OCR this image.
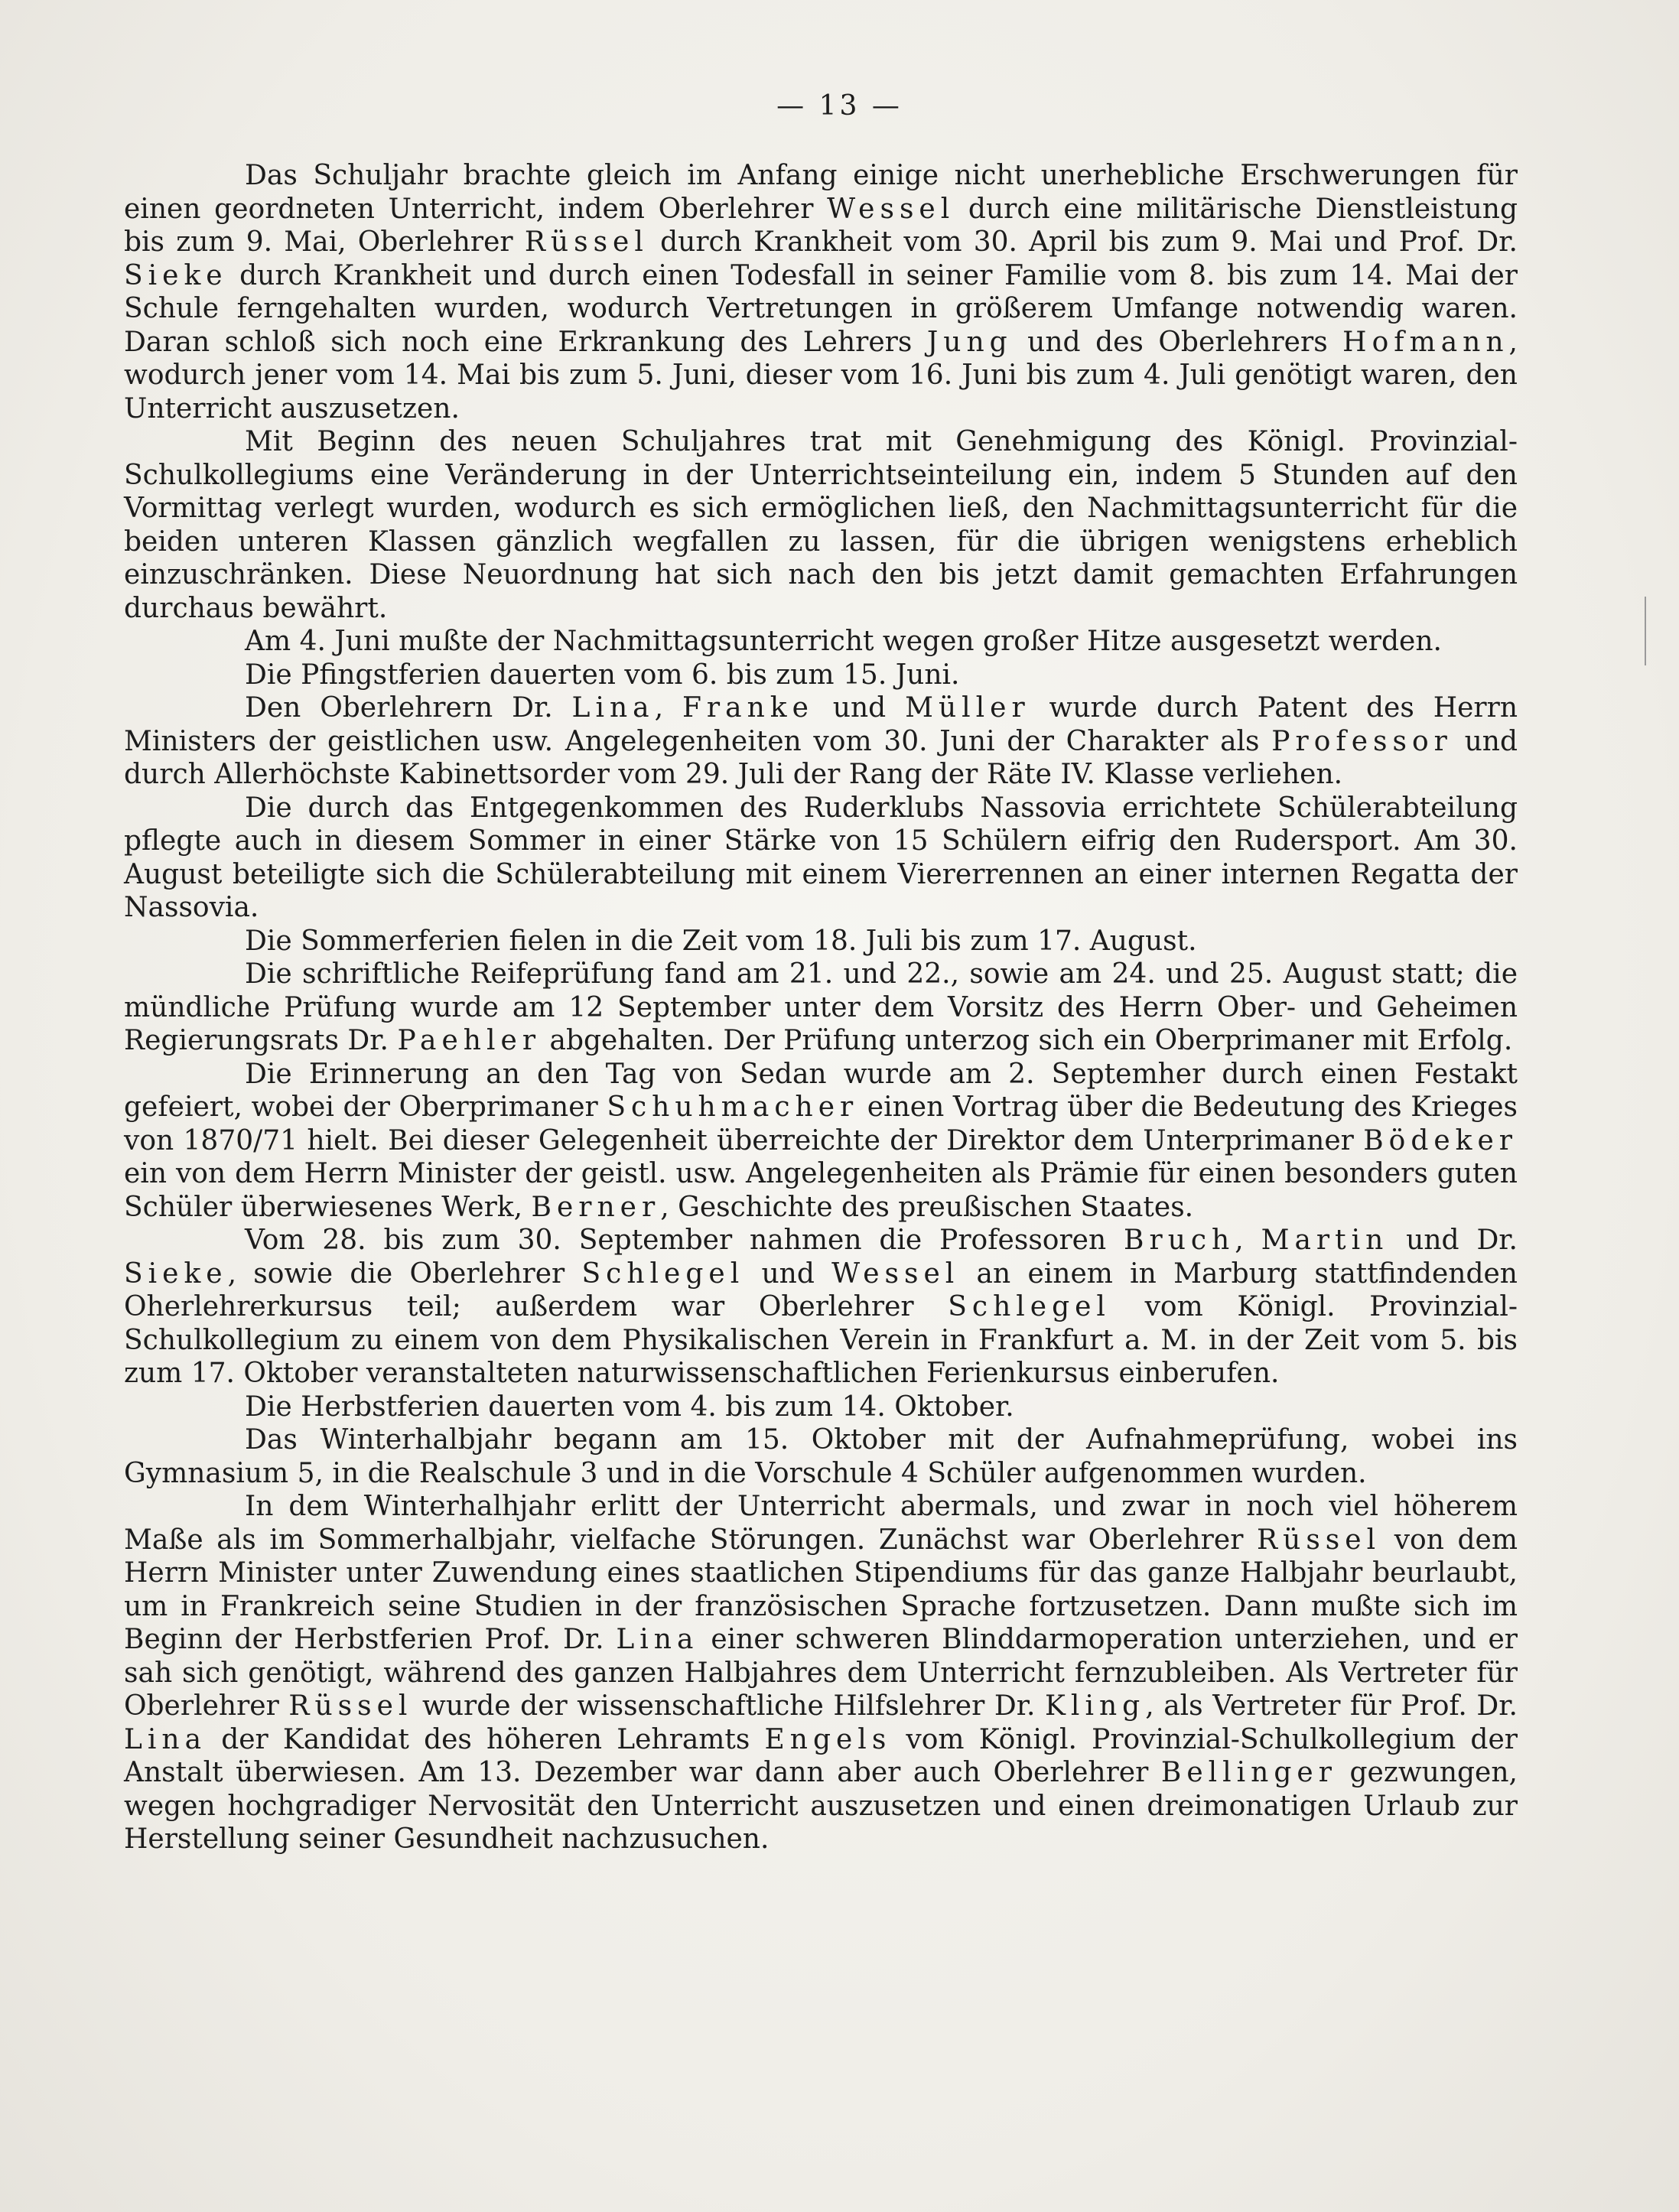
— 13 —

Das Schuljahr brachte gleich im Anfang einige nicht unerhebliche Erschwerungen für einen geordneten Unterricht, indem Oberlehrer Wessel durch eine militärische Dienstleistung bis zum 9. Mai, Oberlehrer Rüssel durch Krankheit vom 30. April bis zum 9. Mai und Prof. Dr. Sieke durch Krankheit und durch einen Todesfall in seiner Familie vom 8. bis zum 14. Mai der Schule ferngehalten wurden, wodurch Vertretungen in größerem Umfange notwendig waren. Daran schloß sich noch eine Erkrankung des Lehrers Jung und des Oberlehrers Hofmann, wodurch jener vom 14. Mai bis zum 5. Juni, dieser vom 16. Juni bis zum 4. Juli genötigt waren, den Unterricht auszusetzen.

Mit Beginn des neuen Schuljahres trat mit Genehmigung des Königl. Provinzial-Schulkollegiums eine Veränderung in der Unterrichtseinteilung ein, indem 5 Stunden auf den Vormittag verlegt wurden, wodurch es sich ermöglichen ließ, den Nachmittagsunterricht für die beiden unteren Klassen gänzlich wegfallen zu lassen, für die übrigen wenigstens erheblich einzuschränken. Diese Neuordnung hat sich nach den bis jetzt damit gemachten Erfahrungen durchaus bewährt.

Am 4. Juni mußte der Nachmittagsunterricht wegen großer Hitze ausgesetzt werden.

Die Pfingstferien dauerten vom 6. bis zum 15. Juni.

Den Oberlehrern Dr. Lina, Franke und Müller wurde durch Patent des Herrn Ministers der geistlichen usw. Angelegenheiten vom 30. Juni der Charakter als Professor und durch Allerhöchste Kabinettsorder vom 29. Juli der Rang der Räte IV. Klasse verliehen.

Die durch das Entgegenkommen des Ruderklubs Nassovia errichtete Schülerabteilung pflegte auch in diesem Sommer in einer Stärke von 15 Schülern eifrig den Rudersport. Am 30. August beteiligte sich die Schülerabteilung mit einem Viererrennen an einer internen Regatta der Nassovia.

Die Sommerferien fielen in die Zeit vom 18. Juli bis zum 17. August.

Die schriftliche Reifeprüfung fand am 21. und 22., sowie am 24. und 25. August statt; die mündliche Prüfung wurde am 12 September unter dem Vorsitz des Herrn Ober- und Geheimen Regierungsrats Dr. Paehler abgehalten. Der Prüfung unterzog sich ein Oberprimaner mit Erfolg.

Die Erinnerung an den Tag von Sedan wurde am 2. Septemher durch einen Festakt gefeiert, wobei der Oberprimaner Schuhmacher einen Vortrag über die Bedeutung des Krieges von 1870/71 hielt. Bei dieser Gelegenheit überreichte der Direktor dem Unterprimaner Bödeker ein von dem Herrn Minister der geistl. usw. Angelegenheiten als Prämie für einen besonders guten Schüler überwiesenes Werk, Berner, Geschichte des preußischen Staates.

Vom 28. bis zum 30. September nahmen die Professoren Bruch, Martin und Dr. Sieke, sowie die Oberlehrer Schlegel und Wessel an einem in Marburg stattfindenden Oherlehrerkursus teil; außerdem war Oberlehrer Schlegel vom Königl. Provinzial-Schulkollegium zu einem von dem Physikalischen Verein in Frankfurt a. M. in der Zeit vom 5. bis zum 17. Oktober veranstalteten naturwissenschaftlichen Ferienkursus einberufen.

Die Herbstferien dauerten vom 4. bis zum 14. Oktober.

Das Winterhalbjahr begann am 15. Oktober mit der Aufnahmeprüfung, wobei ins Gymnasium 5, in die Realschule 3 und in die Vorschule 4 Schüler aufgenommen wurden.

In dem Winterhalhjahr erlitt der Unterricht abermals, und zwar in noch viel höherem Maße als im Sommerhalbjahr, vielfache Störungen. Zunächst war Oberlehrer Rüssel von dem Herrn Minister unter Zuwendung eines staatlichen Stipendiums für das ganze Halbjahr beurlaubt, um in Frankreich seine Studien in der französischen Sprache fortzusetzen. Dann mußte sich im Beginn der Herbstferien Prof. Dr. Lina einer schweren Blinddarmoperation unterziehen, und er sah sich genötigt, während des ganzen Halbjahres dem Unterricht fernzubleiben. Als Vertreter für Oberlehrer Rüssel wurde der wissenschaftliche Hilfslehrer Dr. Kling, als Vertreter für Prof. Dr. Lina der Kandidat des höheren Lehramts Engels vom Königl. Provinzial-Schulkollegium der Anstalt überwiesen. Am 13. Dezember war dann aber auch Oberlehrer Bellinger gezwungen, wegen hochgradiger Nervosität den Unterricht auszusetzen und einen dreimonatigen Urlaub zur Herstellung seiner Gesundheit nachzusuchen.
